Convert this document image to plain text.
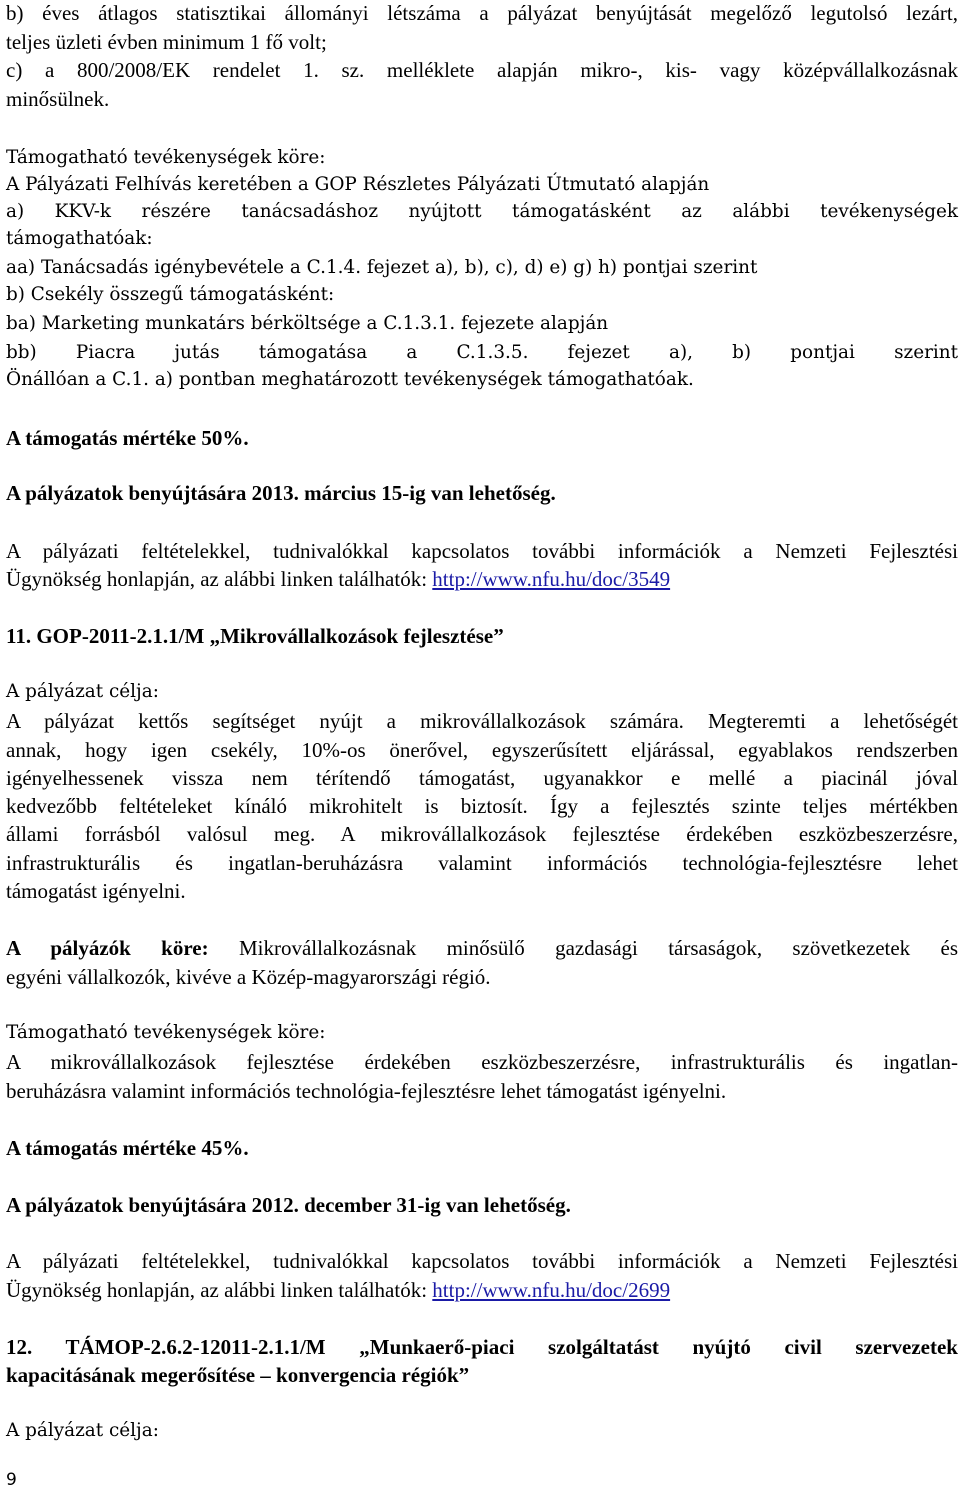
b) éves átlagos statisztikai állományi létszáma a pályázat benyújtását megelőző legutolsó lezárt,
teljes üzleti évben minimum 1 fő volt;
c) a 800/2008/EK rendelet 1. sz. melléklete alapján mikro-, kis- vagy középvállalkozásnak
minősülnek.
Támogatható tevékenységek köre:
A Pályázati Felhívás keretében a GOP Részletes Pályázati Útmutató alapján
a) KKV-k részére tanácsadáshoz nyújtott támogatásként az alábbi tevékenységek
támogathatóak:
aa) Tanácsadás igénybevétele a C.1.4. fejezet a), b), c), d) e) g) h) pontjai szerint
b) Csekély összegű támogatásként:
ba) Marketing munkatárs bérköltsége a C.1.3.1. fejezete alapján
bb) Piacra jutás támogatása a C.1.3.5. fejezet a), b) pontjai szerint
Önállóan a C.1. a) pontban meghatározott tevékenységek támogathatóak.
A támogatás mértéke 50%.
A pályázatok benyújtására 2013. március 15-ig van lehetőség.
A pályázati feltételekkel, tudnivalókkal kapcsolatos további információk a Nemzeti Fejlesztési
Ügynökség honlapján, az alábbi linken találhatók: http://www.nfu.hu/doc/3549
11. GOP-2011-2.1.1/M „Mikrovállalkozások fejlesztése”
A pályázat célja:
A pályázat kettős segítséget nyújt a mikrovállalkozások számára. Megteremti a lehetőségét
annak, hogy igen csekély, 10%-os önerővel, egyszerűsített eljárással, egyablakos rendszerben
igényelhessenek vissza nem térítendő támogatást, ugyanakkor e mellé a piacinál jóval
kedvezőbb feltételeket kínáló mikrohitelt is biztosít. Így a fejlesztés szinte teljes mértékben
állami forrásból valósul meg. A mikrovállalkozások fejlesztése érdekében eszközbeszerzésre,
infrastrukturális és ingatlan-beruházásra valamint információs technológia-fejlesztésre lehet
támogatást igényelni.
A pályázók köre: Mikrovállalkozásnak minősülő gazdasági társaságok, szövetkezetek és
egyéni vállalkozók, kivéve a Közép-magyarországi régió.
Támogatható tevékenységek köre:
A mikrovállalkozások fejlesztése érdekében eszközbeszerzésre, infrastrukturális és ingatlan-
beruházásra valamint információs technológia-fejlesztésre lehet támogatást igényelni.
A támogatás mértéke 45%.
A pályázatok benyújtására 2012. december 31-ig van lehetőség.
A pályázati feltételekkel, tudnivalókkal kapcsolatos további információk a Nemzeti Fejlesztési
Ügynökség honlapján, az alábbi linken találhatók: http://www.nfu.hu/doc/2699
12. TÁMOP-2.6.2-12011-2.1.1/M „Munkaerő-piaci szolgáltatást nyújtó civil szervezetek
kapacitásának megerősítése – konvergencia régiók”
A pályázat célja:
9
